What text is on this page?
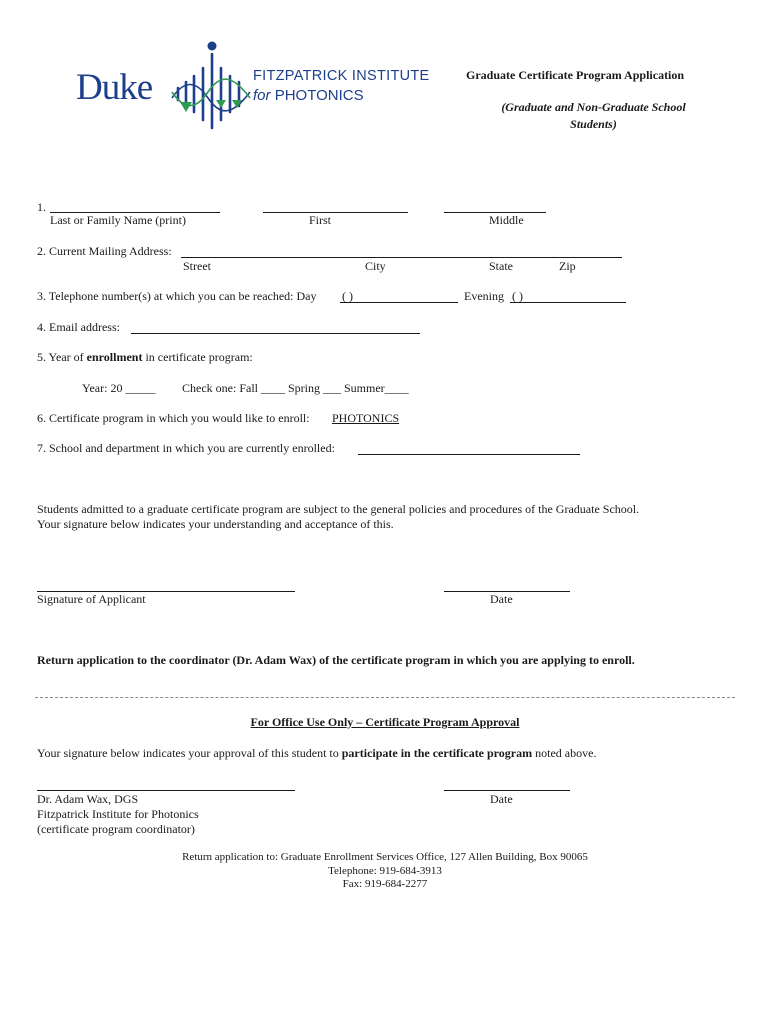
Duke	FITZPATRICK INSTITUTE
for PHOTONICS
Graduate Certificate Program Application
(Graduate and Non-Graduate School
Students)
1.
Last or Family Name (print)	First	Middle
2. Current Mailing Address:
Street	City	State	Zip
3. Telephone number(s) at which you can be reached: Day ( )	Evening ( )
4. Email address:
5. Year of enrollment in certificate program:
Year: 20 _____ Check one: Fall ____ Spring ___ Summer____
6. Certificate program in which you would like to enroll: PHOTONICS
7. School and department in which you are currently enrolled:
Students admitted to a graduate certificate program are subject to the general policies and procedures of the Graduate School.
Your signature below indicates your understanding and acceptance of this.
Signature of Applicant	Date
Return application to the coordinator (Dr. Adam Wax) of the certificate program in which you are applying to enroll.
For Office Use Only – Certificate Program Approval
Your signature below indicates your approval of this student to participate in the certificate program noted above.
Dr. Adam Wax, DGS	Date
Fitzpatrick Institute for Photonics
(certificate program coordinator)
Return application to: Graduate Enrollment Services Office, 127 Allen Building, Box 90065
Telephone: 919-684-3913
Fax: 919-684-2277
